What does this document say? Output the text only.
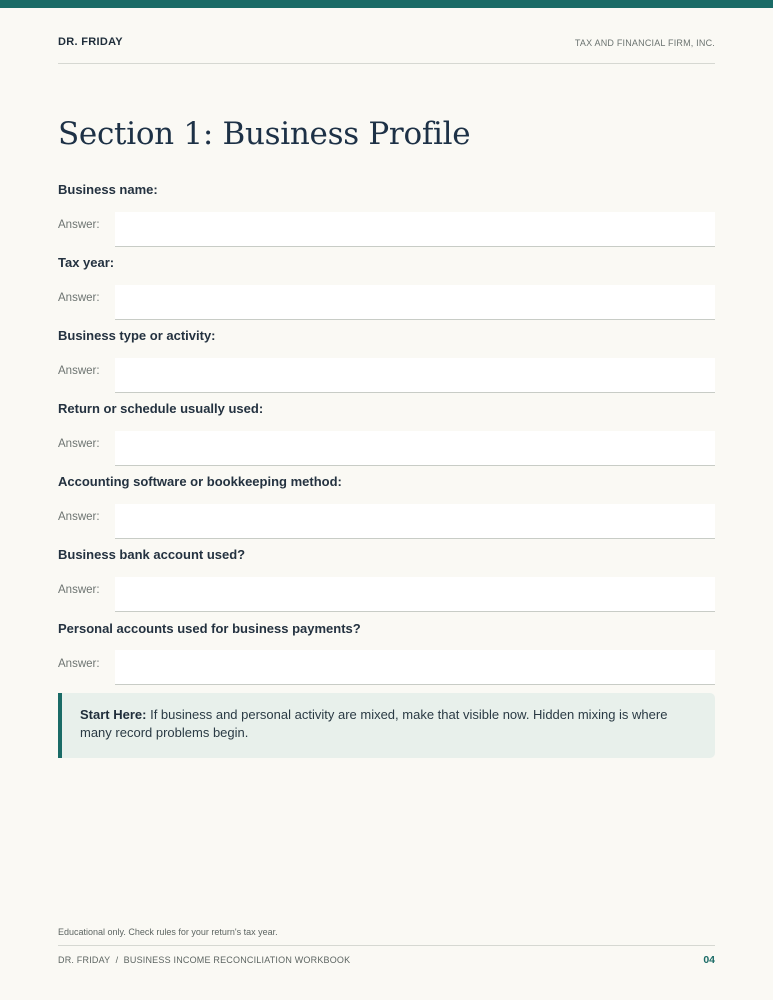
DR. FRIDAY	TAX AND FINANCIAL FIRM, INC.
Section 1: Business Profile
Business name:
Answer:
Tax year:
Answer:
Business type or activity:
Answer:
Return or schedule usually used:
Answer:
Accounting software or bookkeeping method:
Answer:
Business bank account used?
Answer:
Personal accounts used for business payments?
Answer:
Start Here: If business and personal activity are mixed, make that visible now. Hidden mixing is where many record problems begin.
Educational only. Check rules for your return's tax year.
DR. FRIDAY  /  BUSINESS INCOME RECONCILIATION WORKBOOK	04
